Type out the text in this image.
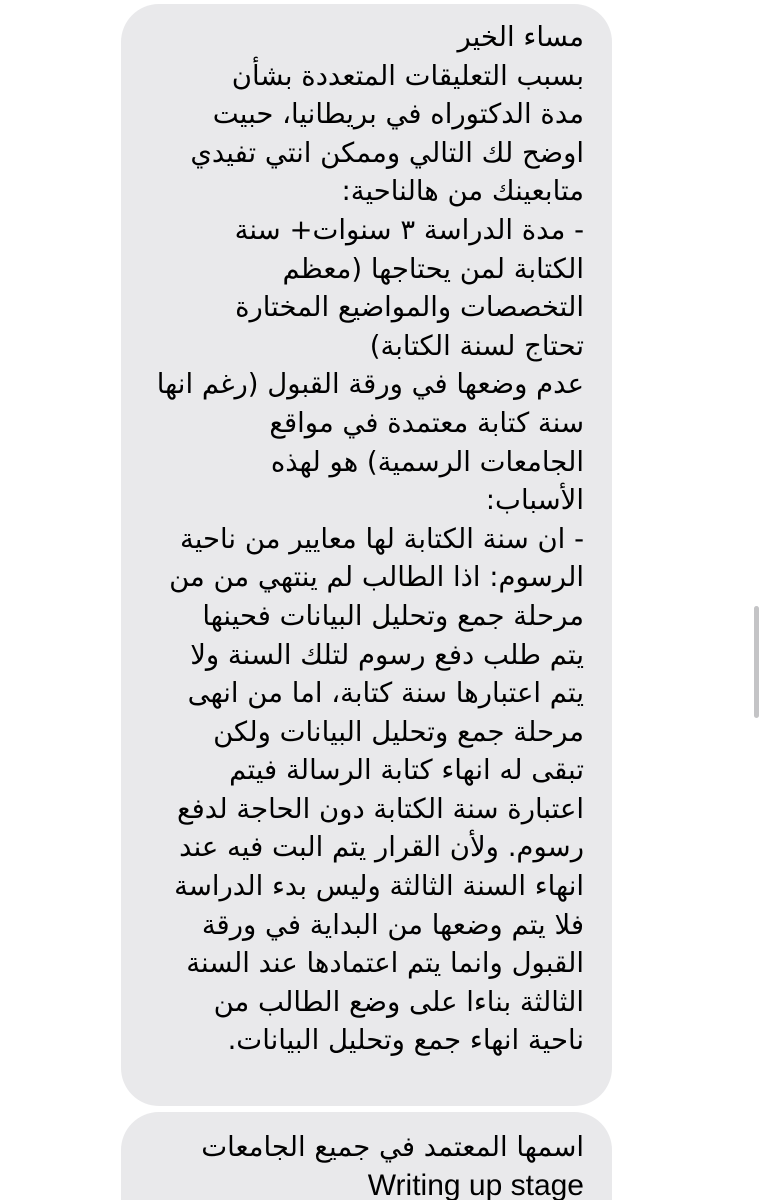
مساء الخير
بسبب التعليقات المتعددة بشأن
مدة الدكتوراه في بريطانيا، حبيت
اوضح لك التالي وممكن انتي تفيدي
متابعينك من هالناحية:
- مدة الدراسة ٣ سنوات+ سنة
الكتابة لمن يحتاجها (معظم
التخصصات والمواضيع المختارة
تحتاج لسنة الكتابة)
عدم وضعها في ورقة القبول (رغم انها
سنة كتابة معتمدة في مواقع
الجامعات الرسمية) هو لهذه
الأسباب:
- ان سنة الكتابة لها معايير من ناحية
الرسوم: اذا الطالب لم ينتهي من من
مرحلة جمع وتحليل البيانات فحينها
يتم طلب دفع رسوم لتلك السنة ولا
يتم اعتبارها سنة كتابة، اما من انهى
مرحلة جمع وتحليل البيانات ولكن
تبقى له انهاء كتابة الرسالة فيتم
اعتبارة سنة الكتابة دون الحاجة لدفع
رسوم. ولأن القرار يتم البت فيه عند
انهاء السنة الثالثة وليس بدء الدراسة
فلا يتم وضعها من البداية في ورقة
القبول وانما يتم اعتمادها عند السنة
الثالثة بناءا على وضع الطالب من
ناحية انهاء جمع وتحليل البيانات.
اسمها المعتمد في جميع الجامعات
Writing up stage
